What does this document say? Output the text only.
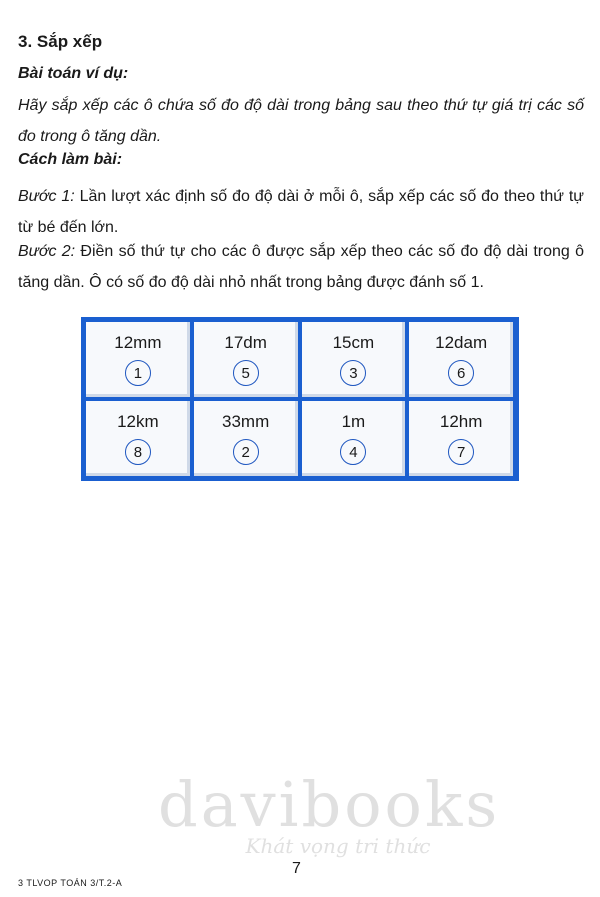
3. Sắp xếp
Bài toán ví dụ:
Hãy sắp xếp các ô chứa số đo độ dài trong bảng sau theo thứ tự giá trị các số đo trong ô tăng dần.
Cách làm bài:
Bước 1: Lần lượt xác định số đo độ dài ở mỗi ô, sắp xếp các số đo theo thứ tự từ bé đến lớn.
Bước 2: Điền số thứ tự cho các ô được sắp xếp theo các số đo độ dài trong ô tăng dần. Ô có số đo độ dài nhỏ nhất trong bảng được đánh số 1.
12mm
1
17dm
5
15cm
3
12dam
6
12km
8
33mm
2
1m
4
12hm
7
davibooks
Khát vọng tri thức
7
3 TLVOP TOÁN 3/T.2-A
